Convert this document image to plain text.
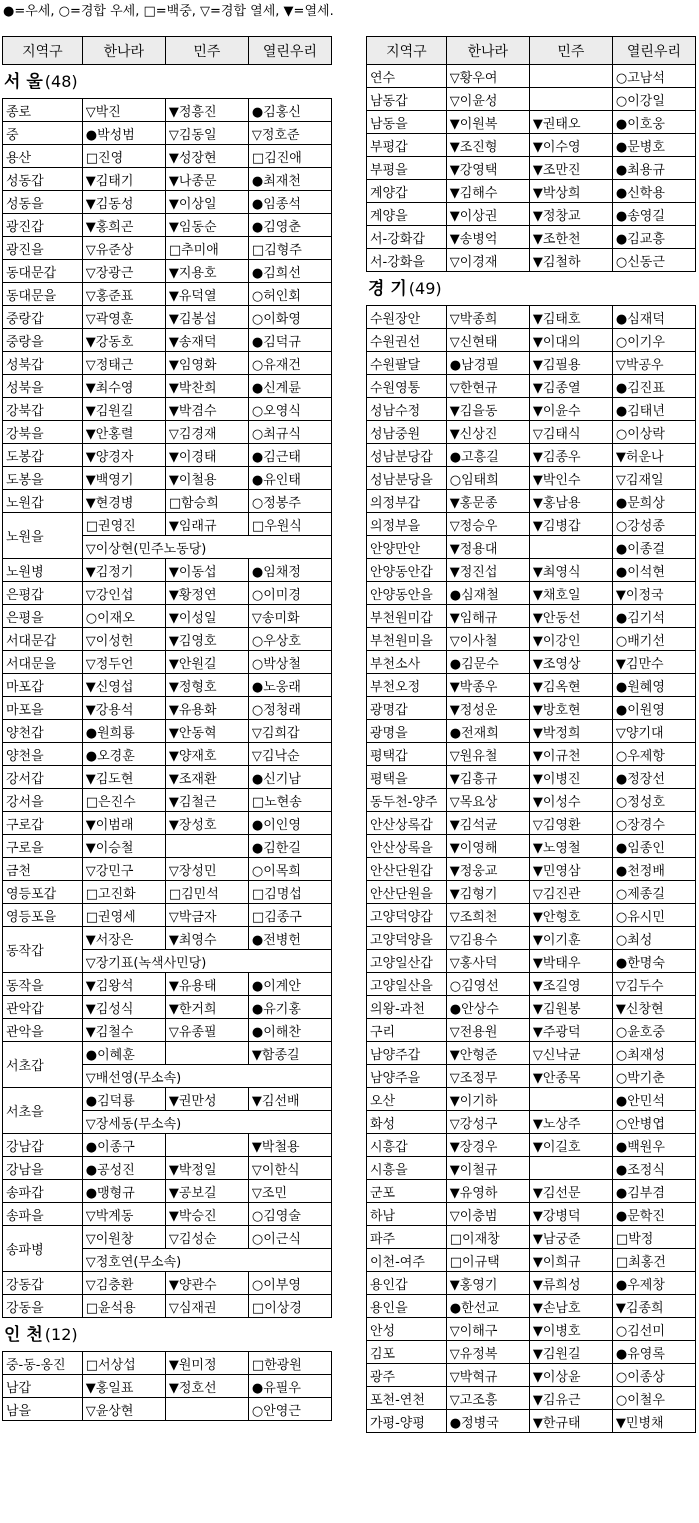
●=우세, ○=경합 우세, □=백중, ▽=경합 열세, ▼=열세.
지역구	한나라	민주	열린우리
서 울 (48)
종로	▽박진	▼정흥진	●김홍신
중	●박성범	▽김동일	▽정호준
용산	□진영	▼성장현	□김진애
성동갑	▼김태기	▼나종문	●최재천
성동을	▼김동성	▼이상일	●임종석
광진갑	▼홍희곤	▼임동순	●김영춘
광진을	▽유준상	□추미애	□김형주
동대문갑	▽장광근	▼지용호	●김희선
동대문을	▽홍준표	▼유덕열	○허인회
중랑갑	▽곽영훈	▼김봉섭	○이화영
중랑을	▼강동호	▼송재덕	●김덕규
성북갑	▽정태근	▼임영화	○유재건
성북을	▼최수영	▼박찬희	●신계륜
강북갑	▼김원길	▼박겸수	○오영식
강북을	▼안홍렬	▽김경재	○최규식
도봉갑	▼양경자	▼이경태	●김근태
도봉을	▼백영기	▼이철용	●유인태
노원갑	▼현경병	□함승희	○정봉주
노원을	□권영진	▼임래규	□우원식
	▽이상현(민주노동당)		
노원병	▼김정기	▼이동섭	●임채정
은평갑	▽강인섭	▼황정연	○이미경
은평을	○이재오	▼이성일	▽송미화
서대문갑	▽이성헌	▼김영호	○우상호
서대문을	▽정두언	▼안원길	○박상철
마포갑	▼신영섭	▼정형호	●노웅래
마포을	▼강용석	▼유용화	○정청래
양천갑	●원희룡	▼안동혁	▽김희갑
양천을	●오경훈	▼양재호	▽김낙순
강서갑	▼김도현	▼조재환	●신기남
강서을	□은진수	▼김철근	□노현송
구로갑	▼이범래	▼장성호	●이인영
구로을	▼이승철		●김한길
금천	▽강민구	▽장성민	○이목희
영등포갑	□고진화	□김민석	□김명섭
영등포을	□권영세	▽박금자	□김종구
동작갑	▼서장은	▼최영수	●전병헌
	▽장기표(녹색사민당)		
동작을	▼김왕석	▼유용태	●이계안
관악갑	▼김성식	▼한거희	●유기홍
관악을	▼김철수	▽유종필	●이해찬
서초갑	●이혜훈		▼함종길
	▽배선영(무소속)		
서초을	●김덕룡	▼권만성	▼김선배
	▽장세동(무소속)		
강남갑	●이종구		▼박철용
강남을	●공성진	▼박정일	▽이한식
송파갑	●맹형규	▼공보길	▽조민
송파을	▽박계동	▼박승진	○김영술
송파병	▽이원창	▽김성순	○이근식
	▽정호연(무소속)		
강동갑	▽김충환	▼양관수	○이부영
강동을	□윤석용	▽심재권	□이상경
인 천 (12)
중-동-옹진	□서상섭	▼원미정	□한광원
남갑	▼홍일표	▼정호선	●유필우
남을	▽윤상현		○안영근
지역구	한나라	민주	열린우리
연수	▽황우여		○고남석
남동갑	▽이윤성		○이강일
남동을	▼이원복	▼권태오	●이호웅
부평갑	▼조진형	▼이수영	●문병호
부평을	▼강영택	▼조만진	●최용규
계양갑	▼김해수	▼박상희	●신학용
계양을	▼이상권	▼정창교	●송영길
서-강화갑	▼송병억	▼조한천	●김교흥
서-강화을	▽이경재	▼김철하	○신동근
경 기 (49)
수원장안	▽박종희	▼김태호	●심재덕
수원권선	▽신현태	▼이대의	○이기우
수원팔달	●남경필	▼김필용	▽박공우
수원영통	▽한현규	▼김종열	●김진표
성남수정	▼김을동	▼이윤수	●김태년
성남중원	▼신상진	▽김태식	○이상락
성남분당갑	●고흥길	▼김종우	▼허운나
성남분당을	○임태희	▼박인수	▽김재일
의정부갑	▼홍문종	▼홍남용	●문희상
의정부을	▽정승우	▼김병갑	○강성종
안양만안	▼정용대		●이종걸
안양동안갑	▼정진섭	▼최영식	●이석현
안양동안을	●심재철	▼채호일	▼이정국
부천원미갑	▼임해규	▼안동선	●김기석
부천원미을	▽이사철	▼이강인	○배기선
부천소사	●김문수	▼조영상	▼김만수
부천오정	▼박종우	▼김옥현	●원혜영
광명갑	▼정성운	▼방호현	●이원영
광명을	●전재희	▼박정희	▽양기대
평택갑	▽원유철	▼이규천	○우제항
평택을	▼김흥규	▼이병진	●정장선
동두천-양주	▽목요상	▼이성수	○정성호
안산상록갑	▼김석균	▽김영환	○장경수
안산상록을	▼이영해	▼노영철	●임종인
안산단원갑	▼정웅교	▼민영삼	●천정배
안산단원을	▼김형기	▽김진관	○제종길
고양덕양갑	▽조희천	▼안형호	○유시민
고양덕양을	▽김용수	▼이기훈	○최성
고양일산갑	▽홍사덕	▼박태우	●한명숙
고양일산을	○김영선	▼조길영	▽김두수
의왕-과천	●안상수	▼김원봉	▼신창현
구리	▽전용원	▼주광덕	○윤호중
남양주갑	▼안형준	▽신낙균	○최재성
남양주을	▽조정무	▼안종목	○박기춘
오산	▼이기하		●안민석
화성	▽강성구	▼노상주	○안병엽
시흥갑	▼장경우	▼이길호	●백원우
시흥을	▼이철규		●조정식
군포	▼유영하	▼김선문	●김부겸
하남	▽이충범	▼강병덕	●문학진
파주	□이재창	▼남궁준	□박정
이천-여주	□이규택	▼이희규	□최홍건
용인갑	▼홍영기	▼류희성	●우제창
용인을	●한선교	▼손남호	▼김종희
안성	▽이해구	▼이병호	○김선미
김포	▽유정복	▼김원길	●유영록
광주	▽박혁규	▼이상윤	○이종상
포천-연천	▽고조흥	▼김유근	○이철우
가평-양평	●정병국	▼한규태	▼민병채
